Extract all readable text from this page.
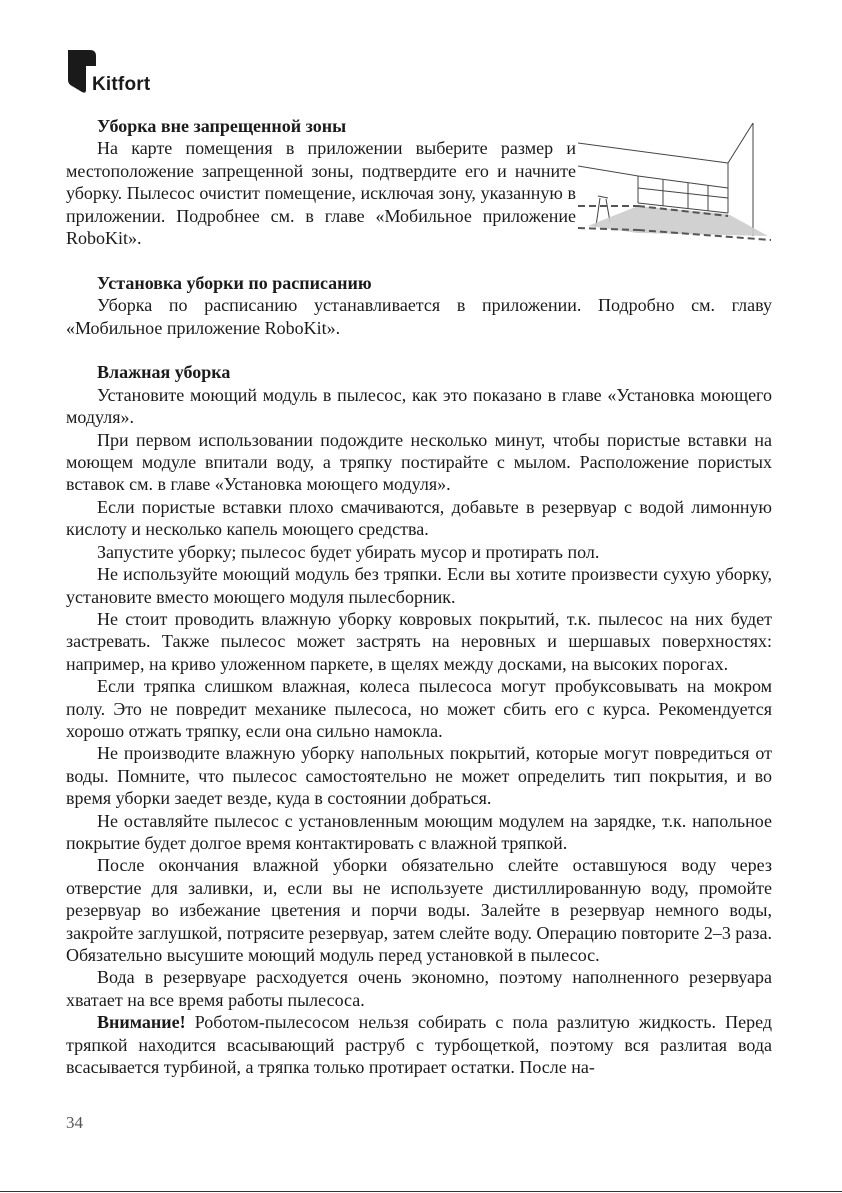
Kitfort
Уборка вне запрещенной зоны

На карте помещения в приложении выберите размер и местоположение запрещенной зоны, подтвердите его и начните уборку. Пылесос очистит помещение, исключая зону, указанную в приложении. Подробнее см. в главе «Мобильное приложение RoboKit».

Установка уборки по расписанию

Уборка по расписанию устанавливается в приложении. Подробно см. главу «Мобильное приложение RoboKit».

Влажная уборка

Установите моющий модуль в пылесос, как это показано в главе «Установка моющего модуля».

При первом использовании подождите несколько минут, чтобы пористые вставки на моющем модуле впитали воду, а тряпку постирайте с мылом. Расположение пористых вставок см. в главе «Установка моющего модуля».

Если пористые вставки плохо смачиваются, добавьте в резервуар с водой лимонную кислоту и несколько капель моющего средства.

Запустите уборку; пылесос будет убирать мусор и протирать пол.

Не используйте моющий модуль без тряпки. Если вы хотите произвести сухую уборку, установите вместо моющего модуля пылесборник.

Не стоит проводить влажную уборку ковровых покрытий, т.к. пылесос на них будет застревать. Также пылесос может застрять на неровных и шершавых поверхностях: например, на криво уложенном паркете, в щелях между досками, на высоких порогах.

Если тряпка слишком влажная, колеса пылесоса могут пробуксовывать на мокром полу. Это не повредит механике пылесоса, но может сбить его с курса. Рекомендуется хорошо отжать тряпку, если она сильно намокла.

Не производите влажную уборку напольных покрытий, которые могут повредиться от воды. Помните, что пылесос самостоятельно не может определить тип покрытия, и во время уборки заедет везде, куда в состоянии добраться.

Не оставляйте пылесос с установленным моющим модулем на зарядке, т.к. напольное покрытие будет долгое время контактировать с влажной тряпкой.

После окончания влажной уборки обязательно слейте оставшуюся воду через отверстие для заливки, и, если вы не используете дистиллированную воду, промойте резервуар во избежание цветения и порчи воды. Залейте в резервуар немного воды, закройте заглушкой, потрясите резервуар, затем слейте воду. Операцию повторите 2–3 раза. Обязательно высушите моющий модуль перед установкой в пылесос.

Вода в резервуаре расходуется очень экономно, поэтому наполненного резервуара хватает на все время работы пылесоса.

Внимание! Роботом-пылесосом нельзя собирать с пола разлитую жидкость. Перед тряпкой находится всасывающий раструб с турбощеткой, поэтому вся разлитая вода всасывается турбиной, а тряпка только протирает остатки. После на-

34
